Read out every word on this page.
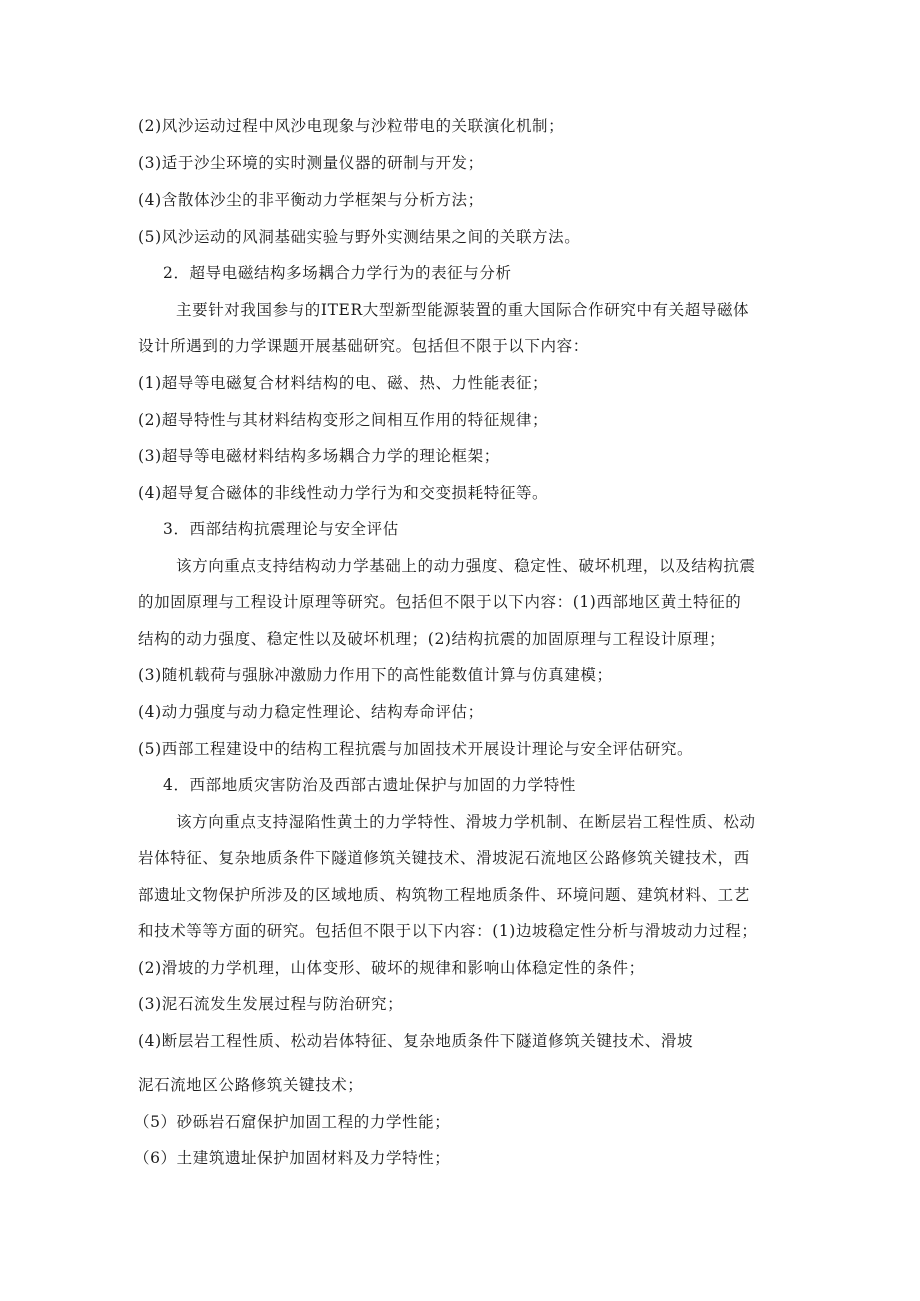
(2)风沙运动过程中风沙电现象与沙粒带电的关联演化机制；
(3)适于沙尘环境的实时测量仪器的研制与开发；
(4)含散体沙尘的非平衡动力学框架与分析方法；
(5)风沙运动的风洞基础实验与野外实测结果之间的关联方法。
2．超导电磁结构多场耦合力学行为的表征与分析
主要针对我国参与的ITER大型新型能源装置的重大国际合作研究中有关超导磁体
设计所遇到的力学课题开展基础研究。包括但不限于以下内容：
(1)超导等电磁复合材料结构的电、磁、热、力性能表征；
(2)超导特性与其材料结构变形之间相互作用的特征规律；
(3)超导等电磁材料结构多场耦合力学的理论框架；
(4)超导复合磁体的非线性动力学行为和交变损耗特征等。
3．西部结构抗震理论与安全评估
该方向重点支持结构动力学基础上的动力强度、稳定性、破坏机理，以及结构抗震
的加固原理与工程设计原理等研究。包括但不限于以下内容：(1)西部地区黄土特征的
结构的动力强度、稳定性以及破坏机理；(2)结构抗震的加固原理与工程设计原理；
(3)随机载荷与强脉冲激励力作用下的高性能数值计算与仿真建模；
(4)动力强度与动力稳定性理论、结构寿命评估；
(5)西部工程建设中的结构工程抗震与加固技术开展设计理论与安全评估研究。
4．西部地质灾害防治及西部古遗址保护与加固的力学特性
该方向重点支持湿陷性黄土的力学特性、滑坡力学机制、在断层岩工程性质、松动
岩体特征、复杂地质条件下隧道修筑关键技术、滑坡泥石流地区公路修筑关键技术，西
部遗址文物保护所涉及的区域地质、构筑物工程地质条件、环境问题、建筑材料、工艺
和技术等等方面的研究。包括但不限于以下内容：(1)边坡稳定性分析与滑坡动力过程；
(2)滑坡的力学机理，山体变形、破坏的规律和影响山体稳定性的条件；
(3)泥石流发生发展过程与防治研究；
(4)断层岩工程性质、松动岩体特征、复杂地质条件下隧道修筑关键技术、滑坡
泥石流地区公路修筑关键技术；
（5）砂砾岩石窟保护加固工程的力学性能；
（6）土建筑遗址保护加固材料及力学特性；
